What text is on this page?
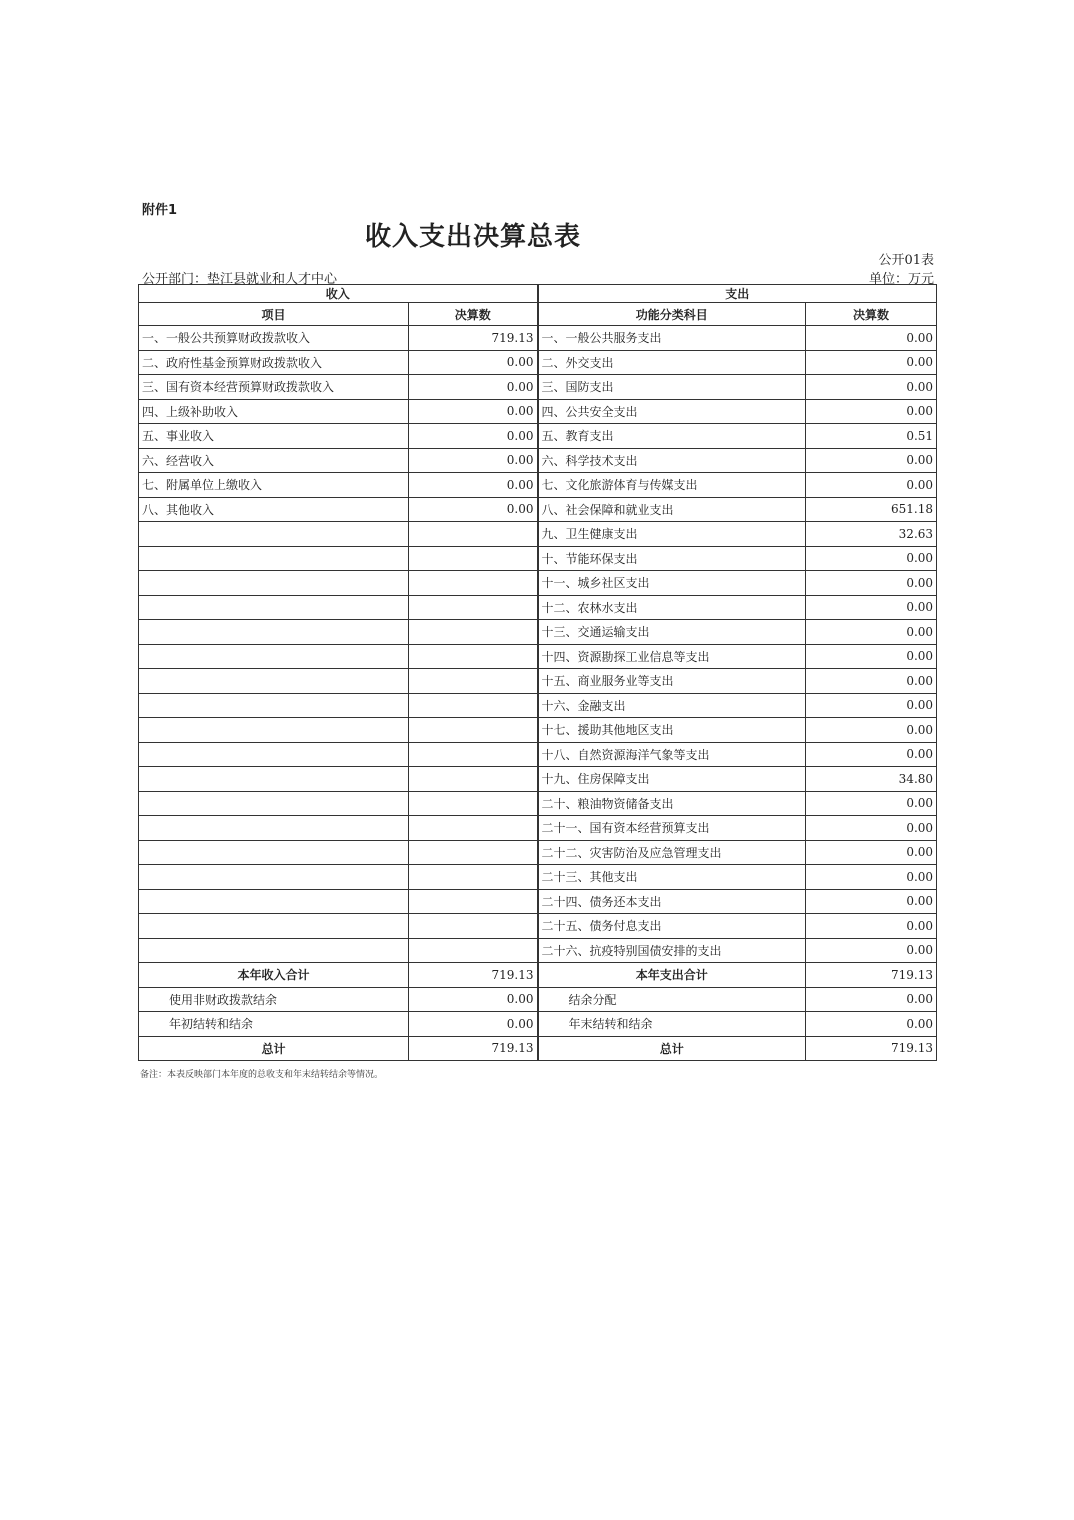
附件1
收入支出决算总表
公开01表
公开部门：垫江县就业和人才中心	单位：万元
收入		支出	
项目	决算数	功能分类科目	决算数
一、一般公共预算财政拨款收入	719.13	一、一般公共服务支出	0.00
二、政府性基金预算财政拨款收入	0.00	二、外交支出	0.00
三、国有资本经营预算财政拨款收入	0.00	三、国防支出	0.00
四、上级补助收入	0.00	四、公共安全支出	0.00
五、事业收入	0.00	五、教育支出	0.51
六、经营收入	0.00	六、科学技术支出	0.00
七、附属单位上缴收入	0.00	七、文化旅游体育与传媒支出	0.00
八、其他收入	0.00	八、社会保障和就业支出	651.18
		九、卫生健康支出	32.63
		十、节能环保支出	0.00
		十一、城乡社区支出	0.00
		十二、农林水支出	0.00
		十三、交通运输支出	0.00
		十四、资源勘探工业信息等支出	0.00
		十五、商业服务业等支出	0.00
		十六、金融支出	0.00
		十七、援助其他地区支出	0.00
		十八、自然资源海洋气象等支出	0.00
		十九、住房保障支出	34.80
		二十、粮油物资储备支出	0.00
		二十一、国有资本经营预算支出	0.00
		二十二、灾害防治及应急管理支出	0.00
		二十三、其他支出	0.00
		二十四、债务还本支出	0.00
		二十五、债务付息支出	0.00
		二十六、抗疫特别国债安排的支出	0.00
本年收入合计	719.13	本年支出合计	719.13
使用非财政拨款结余	0.00	结余分配	0.00
年初结转和结余	0.00	年末结转和结余	0.00
总计	719.13	总计	719.13
备注：本表反映部门本年度的总收支和年末结转结余等情况。
